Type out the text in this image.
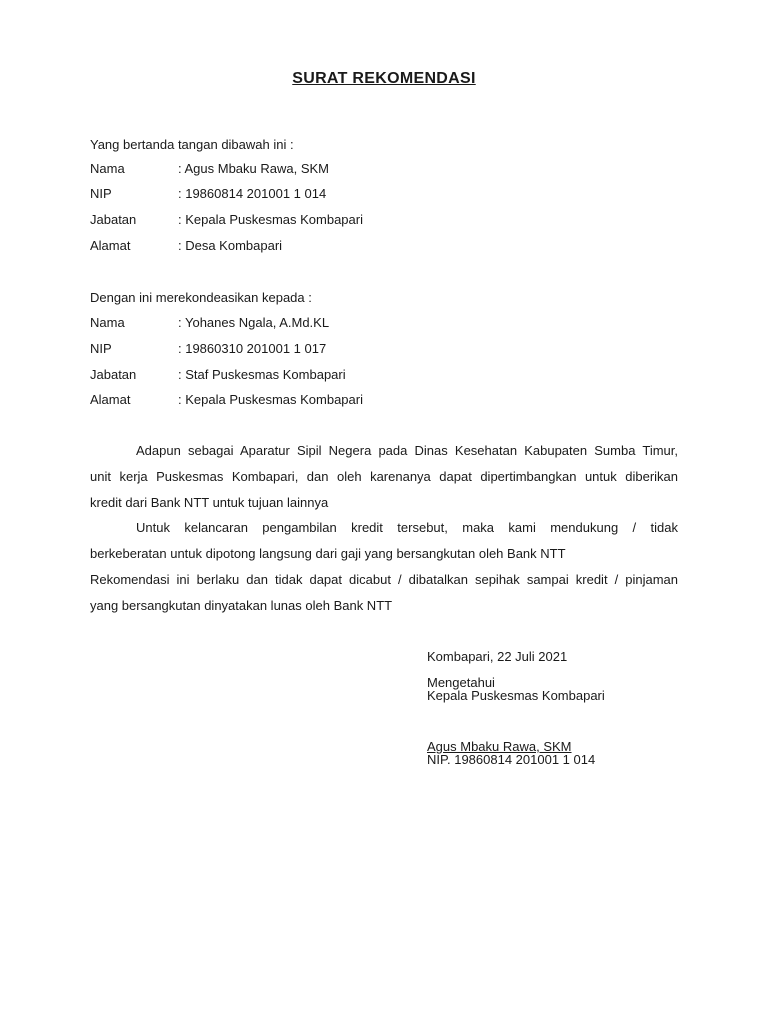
SURAT REKOMENDASI
Yang bertanda tangan dibawah ini :
Nama	: Agus Mbaku Rawa, SKM
NIP	: 19860814 201001 1 014
Jabatan	: Kepala Puskesmas Kombapari
Alamat	: Desa Kombapari
Dengan ini merekondeasikan kepada :
Nama	: Yohanes Ngala, A.Md.KL
NIP	: 19860310 201001 1 017
Jabatan	: Staf Puskesmas Kombapari
Alamat	: Kepala Puskesmas Kombapari
Adapun sebagai Aparatur Sipil Negera pada Dinas Kesehatan Kabupaten Sumba Timur,
unit kerja Puskesmas Kombapari, dan oleh karenanya dapat dipertimbangkan untuk diberikan
kredit dari Bank NTT untuk tujuan lainnya
Untuk kelancaran pengambilan kredit tersebut, maka kami mendukung / tidak
berkeberatan untuk dipotong langsung dari gaji yang bersangkutan oleh Bank NTT
Rekomendasi ini berlaku dan tidak dapat dicabut / dibatalkan sepihak sampai kredit / pinjaman
yang bersangkutan dinyatakan lunas oleh Bank NTT
Kombapari, 22 Juli 2021
Mengetahui
Kepala Puskesmas Kombapari
Agus Mbaku Rawa, SKM
NIP. 19860814 201001 1 014
